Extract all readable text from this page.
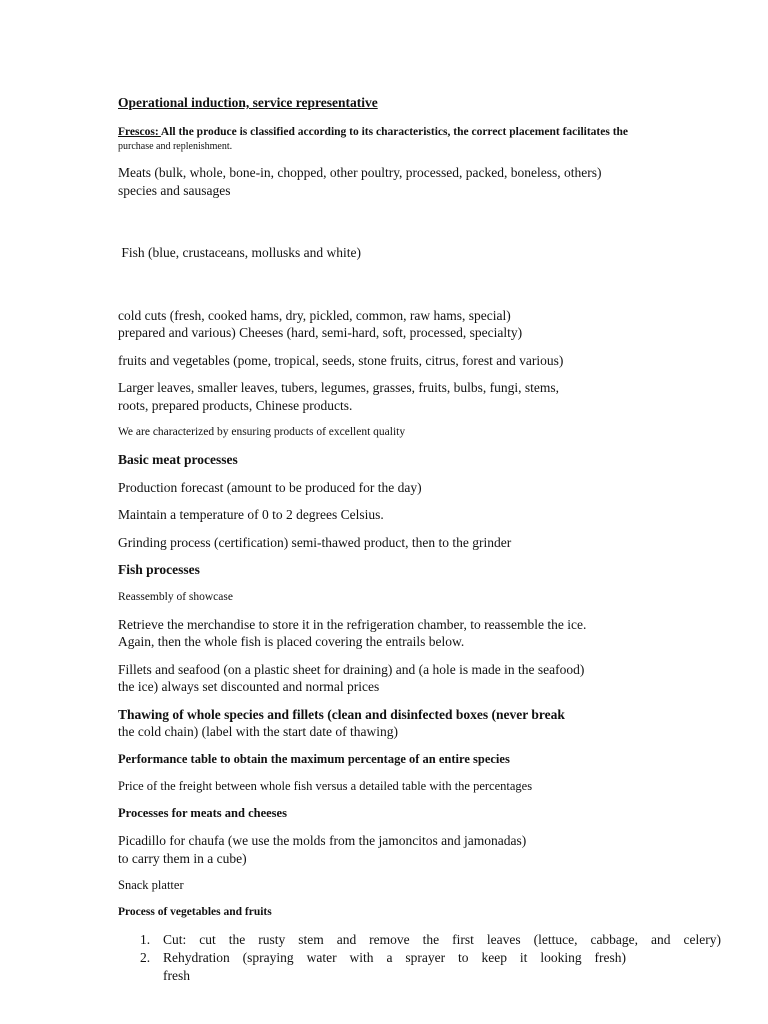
Operational induction, service representative

Frescos: All the produce is classified according to its characteristics, the correct placement facilitates the

purchase and replenishment.

Meats (bulk, whole, bone-in, chopped, other poultry, processed, packed, boneless, others)
species and sausages

Fish (blue, crustaceans, mollusks and white)

cold cuts (fresh, cooked hams, dry, pickled, common, raw hams, special)
prepared and various) Cheeses (hard, semi-hard, soft, processed, specialty)

fruits and vegetables (pome, tropical, seeds, stone fruits, citrus, forest and various)

Larger leaves, smaller leaves, tubers, legumes, grasses, fruits, bulbs, fungi, stems,
roots, prepared products, Chinese products.

We are characterized by ensuring products of excellent quality

Basic meat processes

Production forecast (amount to be produced for the day)

Maintain a temperature of 0 to 2 degrees Celsius.

Grinding process (certification) semi-thawed product, then to the grinder

Fish processes

Reassembly of showcase

Retrieve the merchandise to store it in the refrigeration chamber, to reassemble the ice.
Again, then the whole fish is placed covering the entrails below.

Fillets and seafood (on a plastic sheet for draining) and (a hole is made in the seafood)
the ice) always set discounted and normal prices

Thawing of whole species and fillets (clean and disinfected boxes (never break
the cold chain) (label with the start date of thawing)

Performance table to obtain the maximum percentage of an entire species

Price of the freight between whole fish versus a detailed table with the percentages

Processes for meats and cheeses

Picadillo for chaufa (we use the molds from the jamoncitos and jamonadas)
to carry them in a cube)

Snack platter

Process of vegetables and fruits

1. Cut: cut the rusty stem and remove the first leaves (lettuce, cabbage, and celery)
2. Rehydration (spraying water with a sprayer to keep it looking fresh)
fresh
